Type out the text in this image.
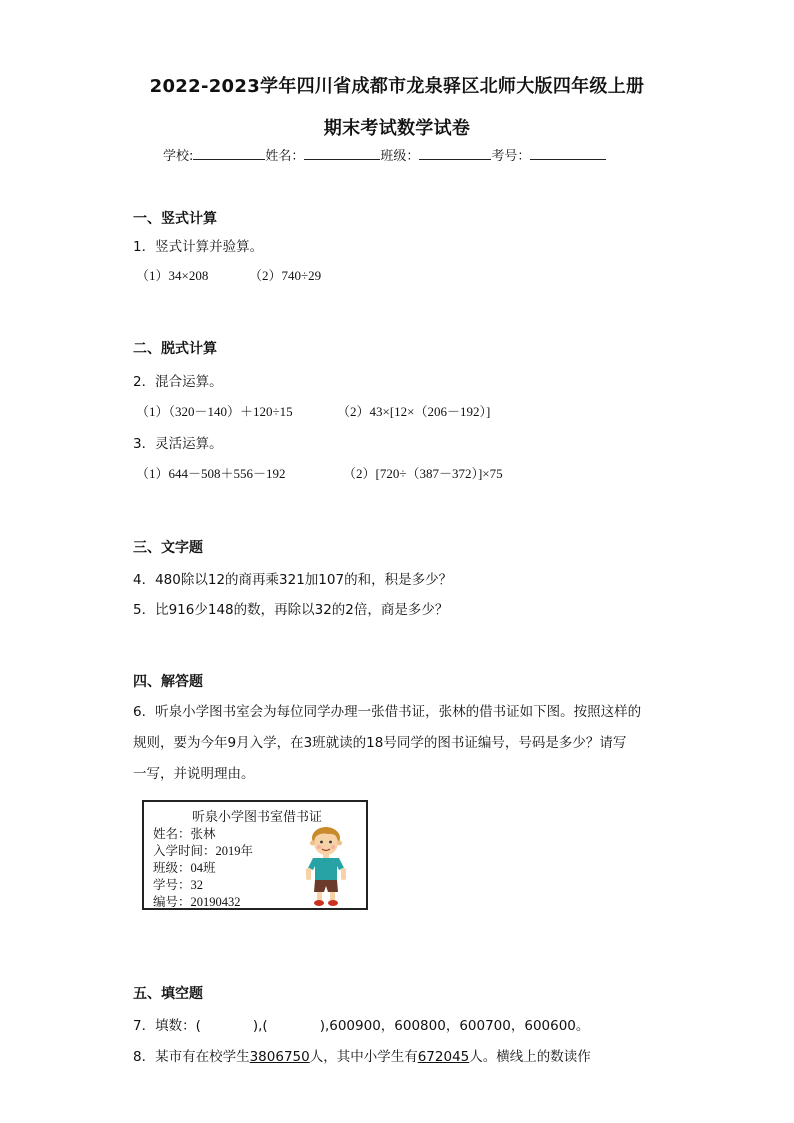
2022-2023学年四川省成都市龙泉驿区北师大版四年级上册
期末考试数学试卷
学校:	姓名：	班级：	考号：
一、竖式计算
1．竖式计算并验算。
（1）34×208	（2）740÷29
二、脱式计算
2．混合运算。
（1）（320－140）＋120÷15	（2）43×[12×（206－192）]
3．灵活运算。
（1）644－508＋556－192	（2）[720÷（387－372）]×75
三、文字题
4．480除以12的商再乘321加107的和，积是多少？
5．比916少148的数，再除以32的2倍，商是多少？
四、解答题
6．听泉小学图书室会为每位同学办理一张借书证，张林的借书证如下图。按照这样的
规则，要为今年9月入学，在3班就读的18号同学的图书证编号，号码是多少？请写
一写，并说明理由。
听泉小学图书室借书证
姓名：张林
入学时间：2019年
班级：04班
学号：32
编号：20190432
五、填空题
7．填数：(	),(	),600900，600800，600700，600600。
8．某市有在校学生3806750人，其中小学生有672045人。横线上的数读作
